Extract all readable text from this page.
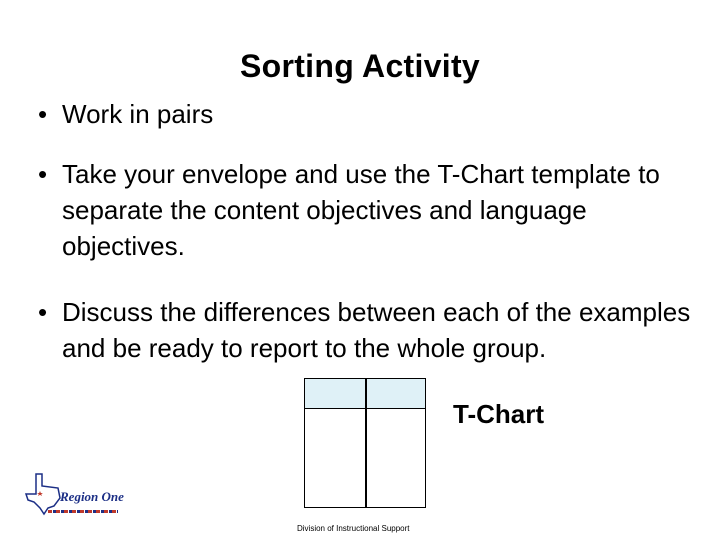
Sorting Activity
• Work in pairs
• Take your envelope and use the T-Chart template to separate the content objectives and language objectives.
• Discuss the differences between each of the examples and be ready to report to the whole group.
T-Chart
Region One
Division of Instructional Support
